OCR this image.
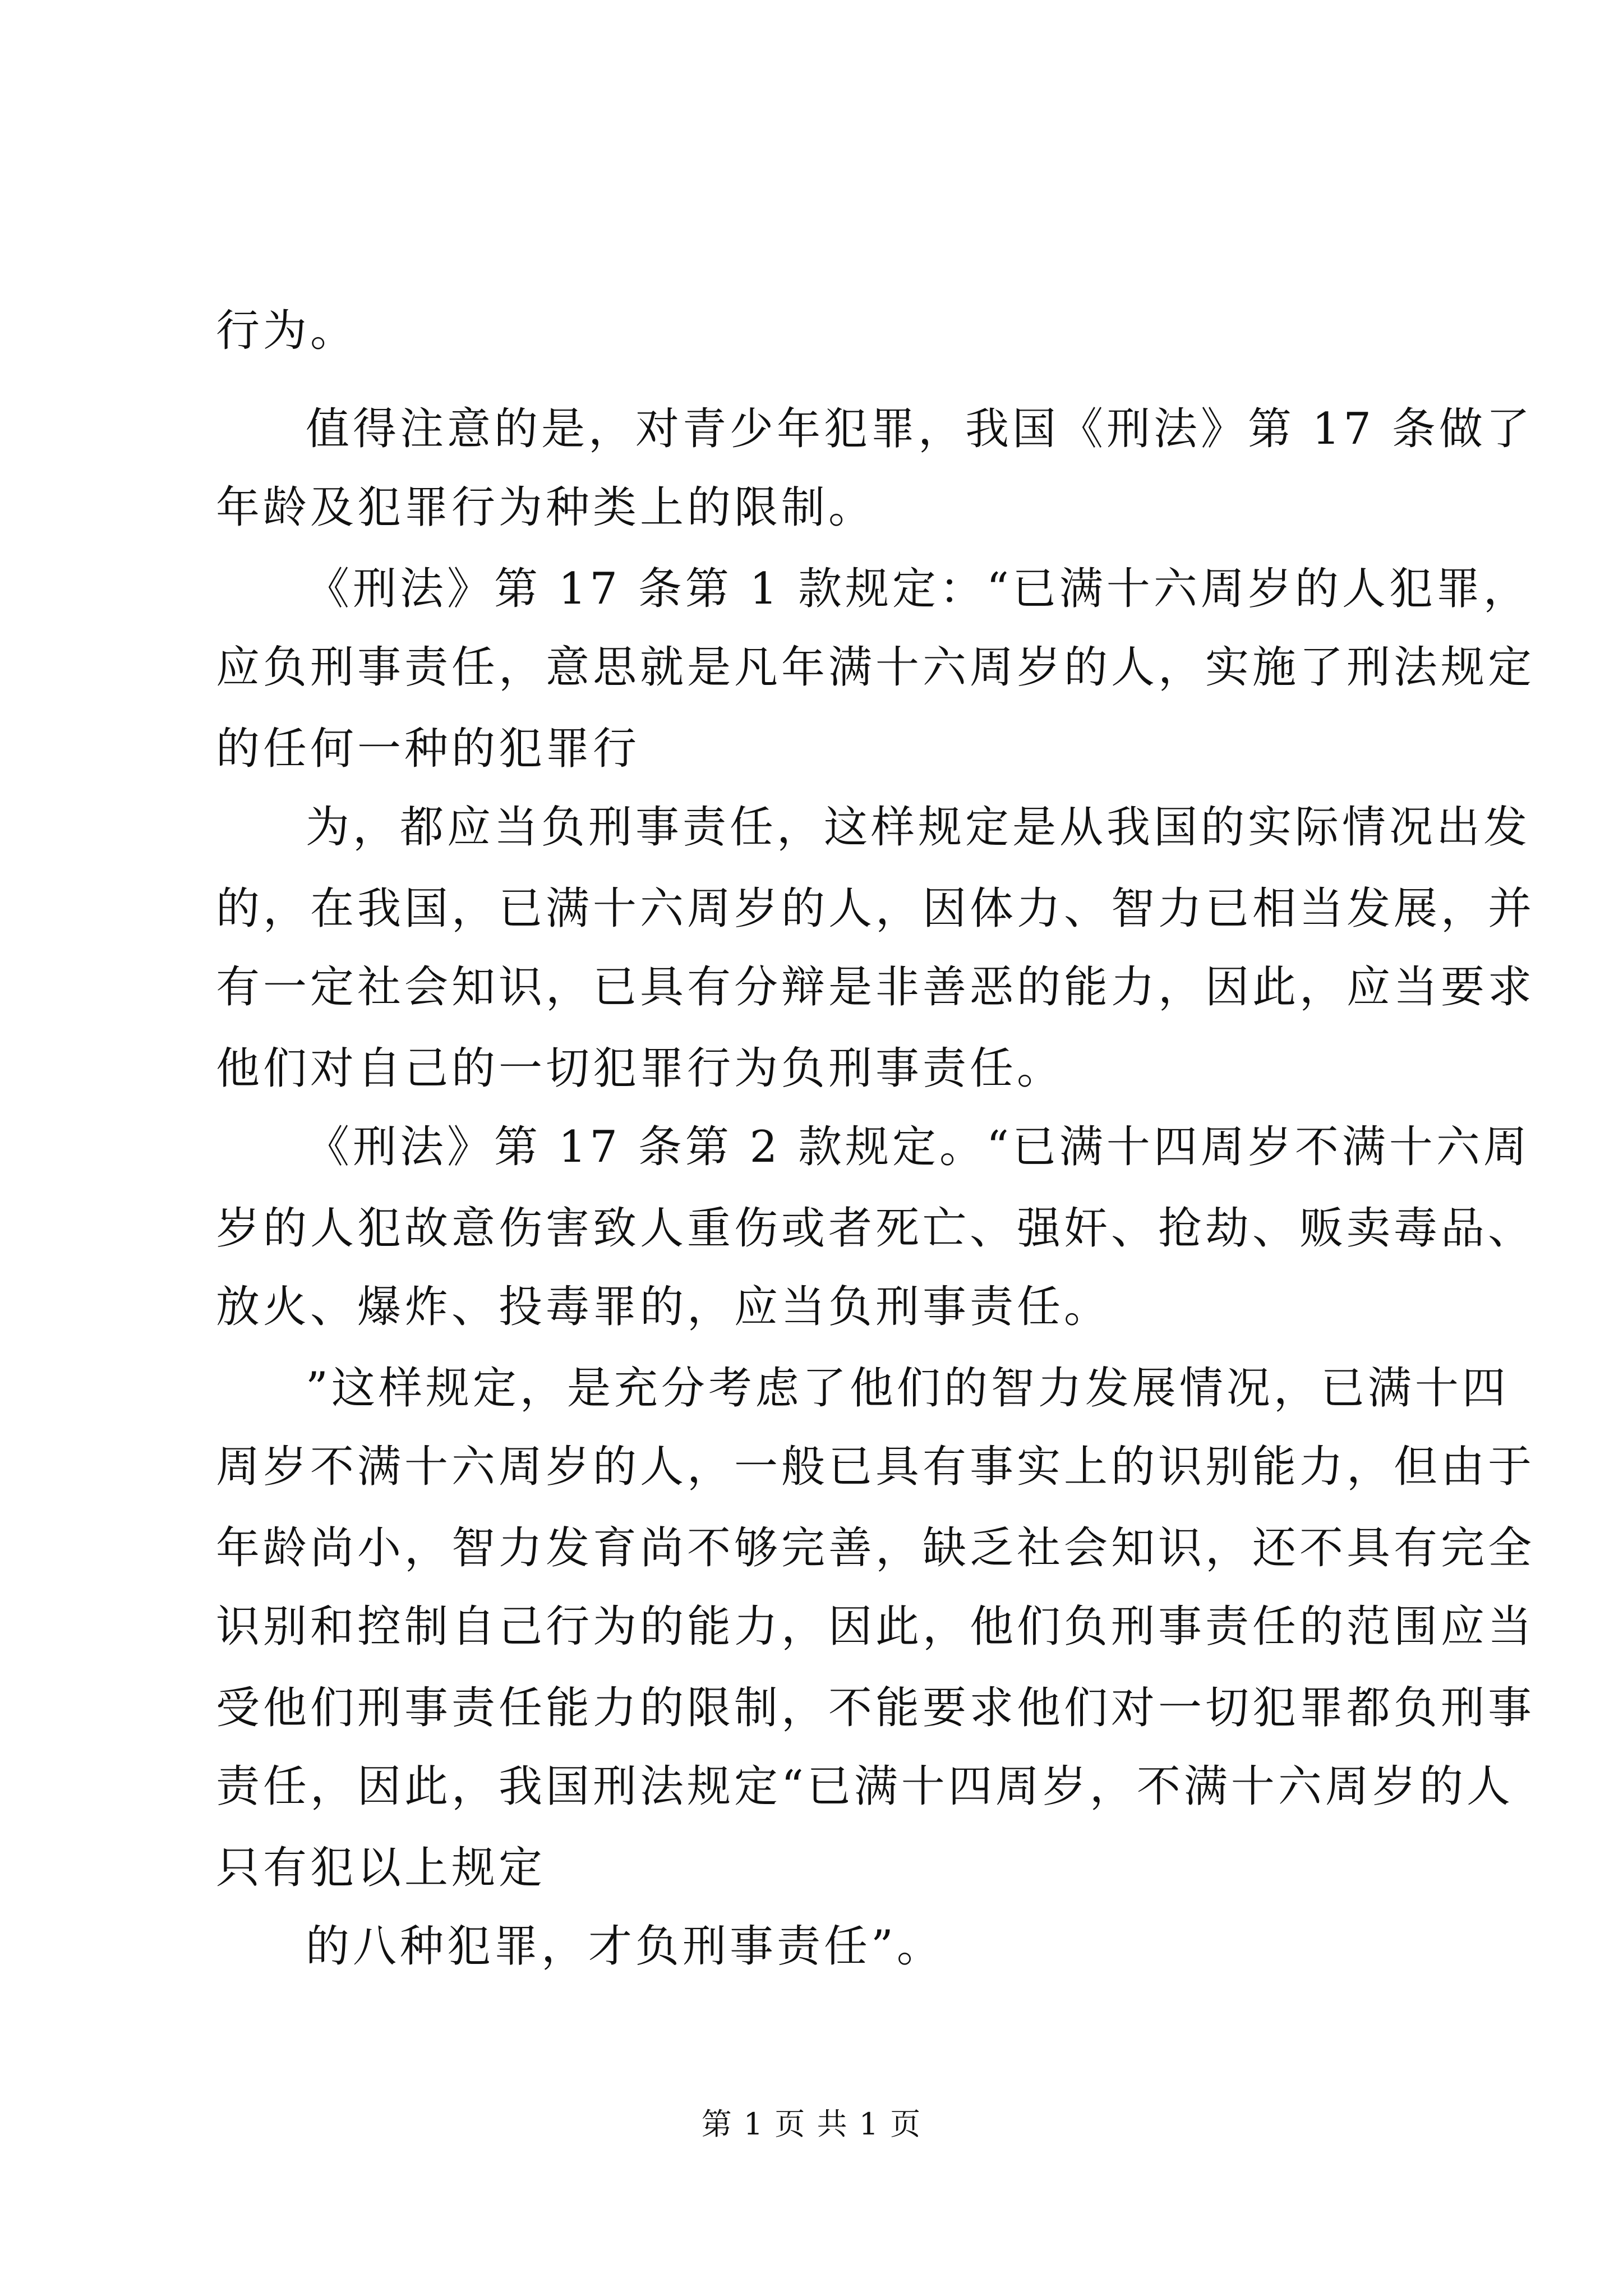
行为。
值得注意的是，对青少年犯罪，我国《刑法》第 17 条做了
年龄及犯罪行为种类上的限制。
《刑法》第 17 条第 1 款规定：“已满十六周岁的人犯罪，
应负刑事责任，意思就是凡年满十六周岁的人，实施了刑法规定
的任何一种的犯罪行
为，都应当负刑事责任，这样规定是从我国的实际情况出发
的，在我国，已满十六周岁的人，因体力、智力已相当发展，并
有一定社会知识，已具有分辩是非善恶的能力，因此，应当要求
他们对自己的一切犯罪行为负刑事责任。
《刑法》第 17 条第 2 款规定。“已满十四周岁不满十六周
岁的人犯故意伤害致人重伤或者死亡、强奸、抢劫、贩卖毒品、
放火、爆炸、投毒罪的，应当负刑事责任。
”这样规定，是充分考虑了他们的智力发展情况，已满十四
周岁不满十六周岁的人，一般已具有事实上的识别能力，但由于
年龄尚小，智力发育尚不够完善，缺乏社会知识，还不具有完全
识别和控制自己行为的能力，因此，他们负刑事责任的范围应当
受他们刑事责任能力的限制，不能要求他们对一切犯罪都负刑事
责任，因此，我国刑法规定“已满十四周岁，不满十六周岁的人
只有犯以上规定
的八种犯罪，才负刑事责任”。
第 1 页 共 1 页
